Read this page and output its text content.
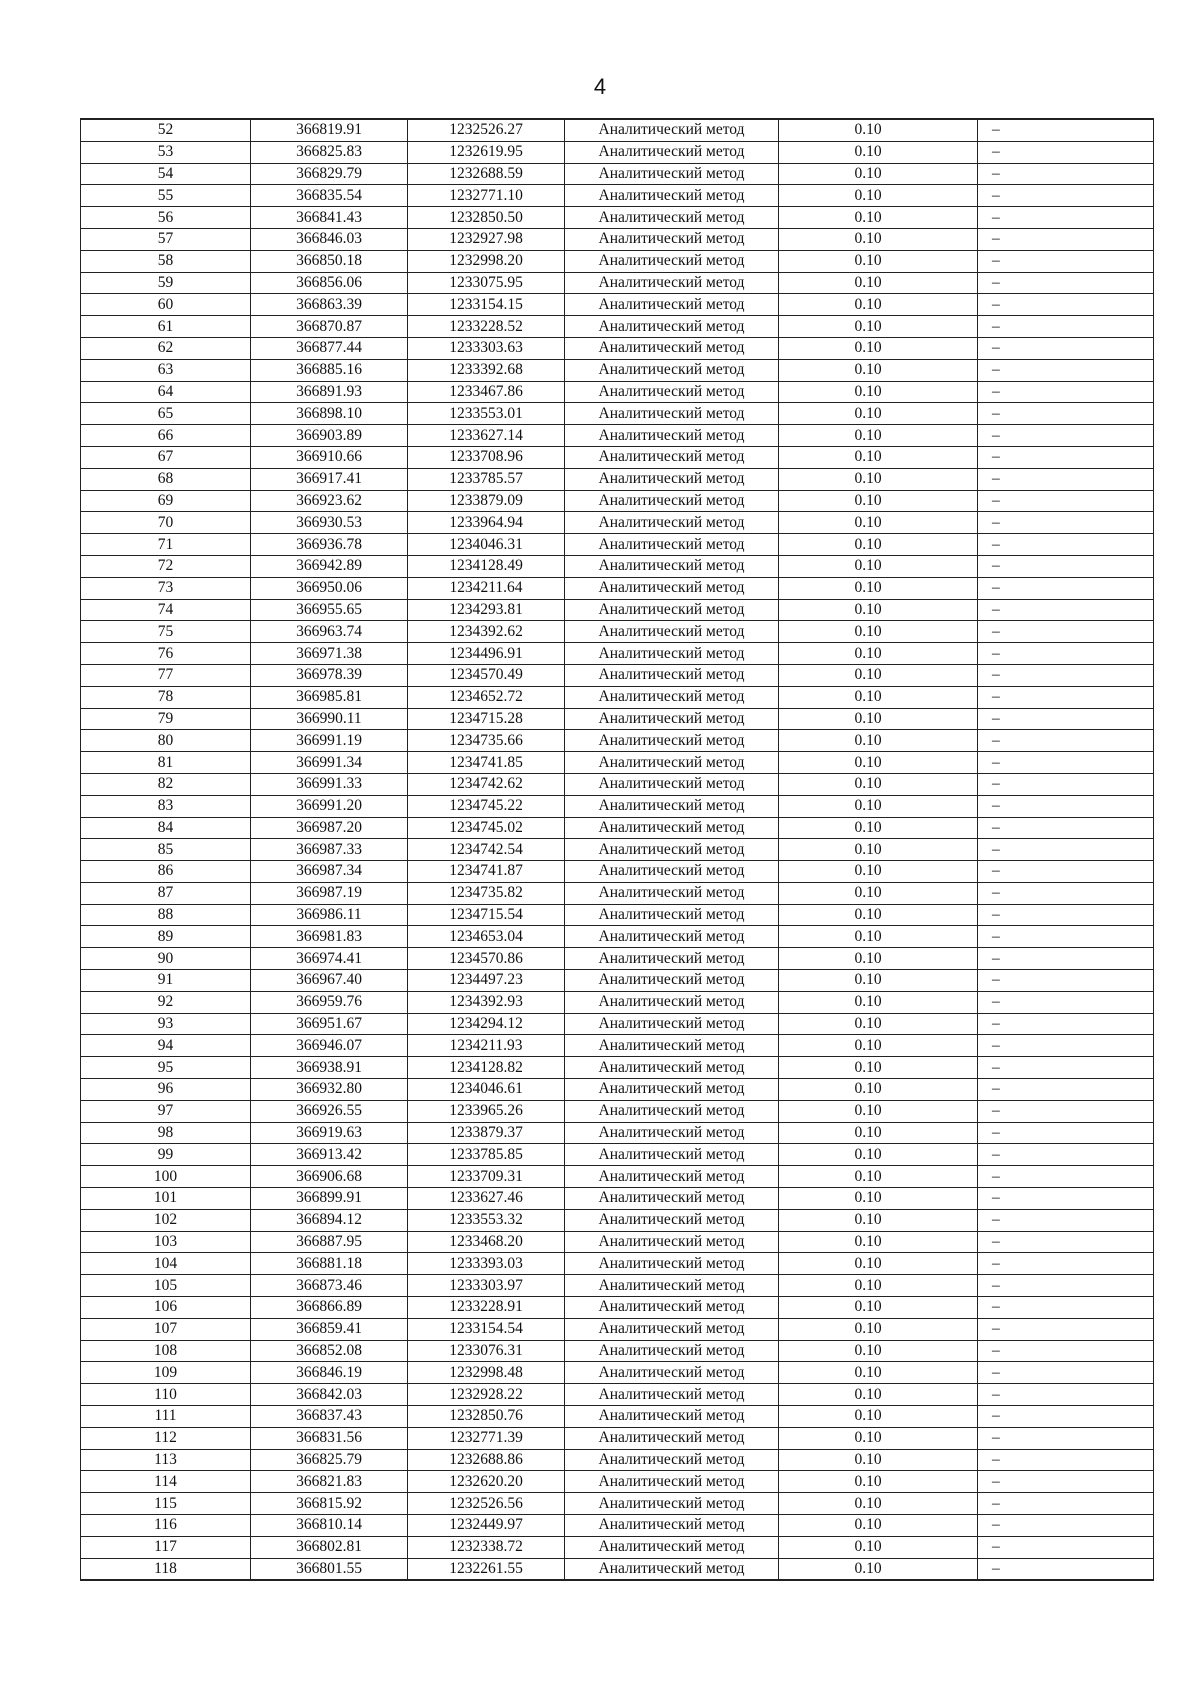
4
52	366819.91	1232526.27	Аналитический метод	0.10	–
53	366825.83	1232619.95	Аналитический метод	0.10	–
54	366829.79	1232688.59	Аналитический метод	0.10	–
55	366835.54	1232771.10	Аналитический метод	0.10	–
56	366841.43	1232850.50	Аналитический метод	0.10	–
57	366846.03	1232927.98	Аналитический метод	0.10	–
58	366850.18	1232998.20	Аналитический метод	0.10	–
59	366856.06	1233075.95	Аналитический метод	0.10	–
60	366863.39	1233154.15	Аналитический метод	0.10	–
61	366870.87	1233228.52	Аналитический метод	0.10	–
62	366877.44	1233303.63	Аналитический метод	0.10	–
63	366885.16	1233392.68	Аналитический метод	0.10	–
64	366891.93	1233467.86	Аналитический метод	0.10	–
65	366898.10	1233553.01	Аналитический метод	0.10	–
66	366903.89	1233627.14	Аналитический метод	0.10	–
67	366910.66	1233708.96	Аналитический метод	0.10	–
68	366917.41	1233785.57	Аналитический метод	0.10	–
69	366923.62	1233879.09	Аналитический метод	0.10	–
70	366930.53	1233964.94	Аналитический метод	0.10	–
71	366936.78	1234046.31	Аналитический метод	0.10	–
72	366942.89	1234128.49	Аналитический метод	0.10	–
73	366950.06	1234211.64	Аналитический метод	0.10	–
74	366955.65	1234293.81	Аналитический метод	0.10	–
75	366963.74	1234392.62	Аналитический метод	0.10	–
76	366971.38	1234496.91	Аналитический метод	0.10	–
77	366978.39	1234570.49	Аналитический метод	0.10	–
78	366985.81	1234652.72	Аналитический метод	0.10	–
79	366990.11	1234715.28	Аналитический метод	0.10	–
80	366991.19	1234735.66	Аналитический метод	0.10	–
81	366991.34	1234741.85	Аналитический метод	0.10	–
82	366991.33	1234742.62	Аналитический метод	0.10	–
83	366991.20	1234745.22	Аналитический метод	0.10	–
84	366987.20	1234745.02	Аналитический метод	0.10	–
85	366987.33	1234742.54	Аналитический метод	0.10	–
86	366987.34	1234741.87	Аналитический метод	0.10	–
87	366987.19	1234735.82	Аналитический метод	0.10	–
88	366986.11	1234715.54	Аналитический метод	0.10	–
89	366981.83	1234653.04	Аналитический метод	0.10	–
90	366974.41	1234570.86	Аналитический метод	0.10	–
91	366967.40	1234497.23	Аналитический метод	0.10	–
92	366959.76	1234392.93	Аналитический метод	0.10	–
93	366951.67	1234294.12	Аналитический метод	0.10	–
94	366946.07	1234211.93	Аналитический метод	0.10	–
95	366938.91	1234128.82	Аналитический метод	0.10	–
96	366932.80	1234046.61	Аналитический метод	0.10	–
97	366926.55	1233965.26	Аналитический метод	0.10	–
98	366919.63	1233879.37	Аналитический метод	0.10	–
99	366913.42	1233785.85	Аналитический метод	0.10	–
100	366906.68	1233709.31	Аналитический метод	0.10	–
101	366899.91	1233627.46	Аналитический метод	0.10	–
102	366894.12	1233553.32	Аналитический метод	0.10	–
103	366887.95	1233468.20	Аналитический метод	0.10	–
104	366881.18	1233393.03	Аналитический метод	0.10	–
105	366873.46	1233303.97	Аналитический метод	0.10	–
106	366866.89	1233228.91	Аналитический метод	0.10	–
107	366859.41	1233154.54	Аналитический метод	0.10	–
108	366852.08	1233076.31	Аналитический метод	0.10	–
109	366846.19	1232998.48	Аналитический метод	0.10	–
110	366842.03	1232928.22	Аналитический метод	0.10	–
111	366837.43	1232850.76	Аналитический метод	0.10	–
112	366831.56	1232771.39	Аналитический метод	0.10	–
113	366825.79	1232688.86	Аналитический метод	0.10	–
114	366821.83	1232620.20	Аналитический метод	0.10	–
115	366815.92	1232526.56	Аналитический метод	0.10	–
116	366810.14	1232449.97	Аналитический метод	0.10	–
117	366802.81	1232338.72	Аналитический метод	0.10	–
118	366801.55	1232261.55	Аналитический метод	0.10	–
